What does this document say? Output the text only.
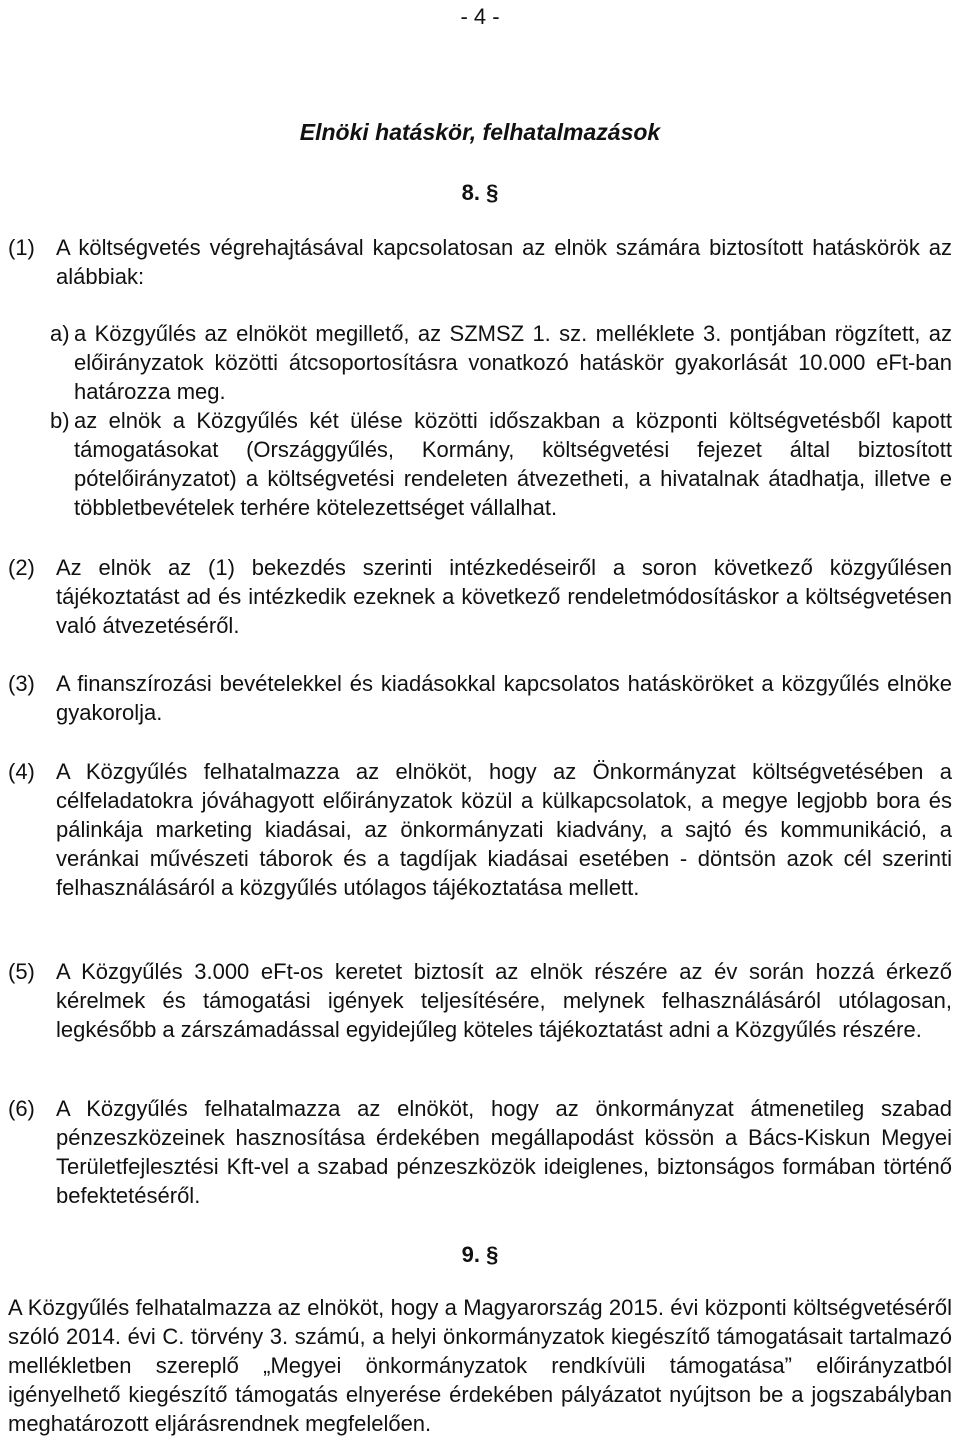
- 4 -
Elnöki hatáskör, felhatalmazások
8. §
(1) A költségvetés végrehajtásával kapcsolatosan az elnök számára biztosított hatáskörök az alábbiak:
a) a Közgyűlés az elnököt megillető, az SZMSZ 1. sz. melléklete 3. pontjában rögzített, az előirányzatok közötti átcsoportosításra vonatkozó hatáskör gyakorlását 10.000 eFt-ban határozza meg.
b) az elnök a Közgyűlés két ülése közötti időszakban a központi költségvetésből kapott támogatásokat (Országgyűlés, Kormány, költségvetési fejezet által biztosított pótelőirányzatot) a költségvetési rendeleten átvezetheti, a hivatalnak átadhatja, illetve e többletbevételek terhére kötelezettséget vállalhat.
(2) Az elnök az (1) bekezdés szerinti intézkedéseiről a soron következő közgyűlésen tájékoztatást ad és intézkedik ezeknek a következő rendeletmódosításkor a költségvetésen való átvezetéséről.
(3) A finanszírozási bevételekkel és kiadásokkal kapcsolatos hatásköröket a közgyűlés elnöke gyakorolja.
(4) A Közgyűlés felhatalmazza az elnököt, hogy az Önkormányzat költségvetésében a célfeladatokra jóváhagyott előirányzatok közül a külkapcsolatok, a megye legjobb bora és pálinkája marketing kiadásai, az önkormányzati kiadvány, a sajtó és kommunikáció, a veránkai művészeti táborok és a tagdíjak kiadásai esetében - döntsön azok cél szerinti felhasználásáról a közgyűlés utólagos tájékoztatása mellett.
(5) A Közgyűlés 3.000 eFt-os keretet biztosít az elnök részére az év során hozzá érkező kérelmek és támogatási igények teljesítésére, melynek felhasználásáról utólagosan, legkésőbb a zárszámadással egyidejűleg köteles tájékoztatást adni a Közgyűlés részére.
(6) A Közgyűlés felhatalmazza az elnököt, hogy az önkormányzat átmenetileg szabad pénzeszközeinek hasznosítása érdekében megállapodást kössön a Bács-Kiskun Megyei Területfejlesztési Kft-vel a szabad pénzeszközök ideiglenes, biztonságos formában történő befektetéséről.
9. §
A Közgyűlés felhatalmazza az elnököt, hogy a Magyarország 2015. évi központi költségvetéséről szóló 2014. évi C. törvény 3. számú, a helyi önkormányzatok kiegészítő támogatásait tartalmazó mellékletben szereplő „Megyei önkormányzatok rendkívüli támogatása” előirányzatból igényelhető kiegészítő támogatás elnyerése érdekében pályázatot nyújtson be a jogszabályban meghatározott eljárásrendnek megfelelően.
